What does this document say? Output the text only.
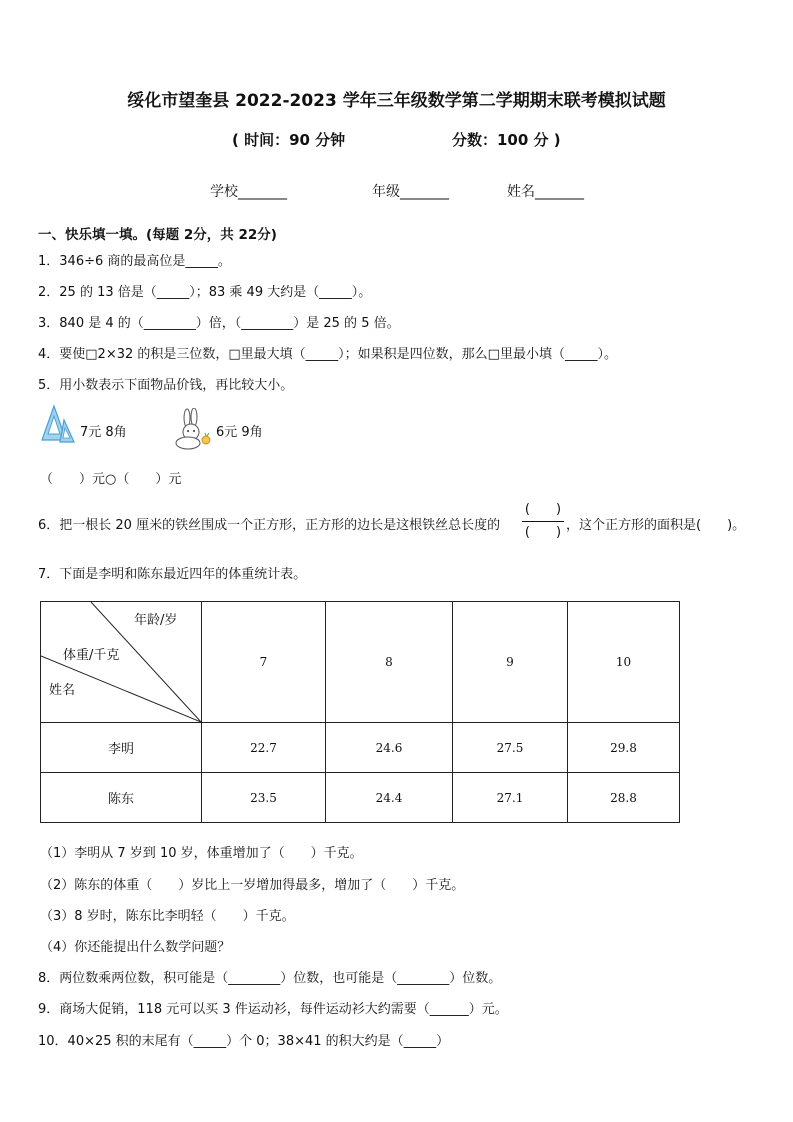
绥化市望奎县 2022-2023 学年三年级数学第二学期期末联考模拟试题
( 时间：90 分钟	分数：100 分 )
学校_______	年级_______	姓名_______
一、快乐填一填。(每题 2分，共 22分)
1．346÷6 商的最高位是_____。
2．25 的 13 倍是（_____）；83 乘 49 大约是（_____）。
3．840 是 4 的（________）倍，（________）是 25 的 5 倍。
4．要使□2×32 的积是三位数，□里最大填（_____）；如果积是四位数，那么□里最小填（_____）。
5．用小数表示下面物品价钱，再比较大小。
7元 8角	6元 9角
（　　）元○（　　）元
6．把一根长 20 厘米的铁丝围成一个正方形，正方形的边长是这根铁丝总长度的
(　　)
(　　) ，这个正方形的面积是(　　)。
7．下面是李明和陈东最近四年的体重统计表。
年龄/岁
体重/千克
姓名	7	8	9	10
李明	22.7	24.6	27.5	29.8
陈东	23.5	24.4	27.1	28.8
（1）李明从 7 岁到 10 岁，体重增加了（　　）千克。
（2）陈东的体重（　　）岁比上一岁增加得最多，增加了（　　）千克。
（3）8 岁时，陈东比李明轻（　　）千克。
（4）你还能提出什么数学问题？
8．两位数乘两位数，积可能是（________）位数，也可能是（________）位数。
9．商场大促销，118 元可以买 3 件运动衫，每件运动衫大约需要（______）元。
10．40×25 积的末尾有（_____）个 0；38×41 的积大约是（_____）
